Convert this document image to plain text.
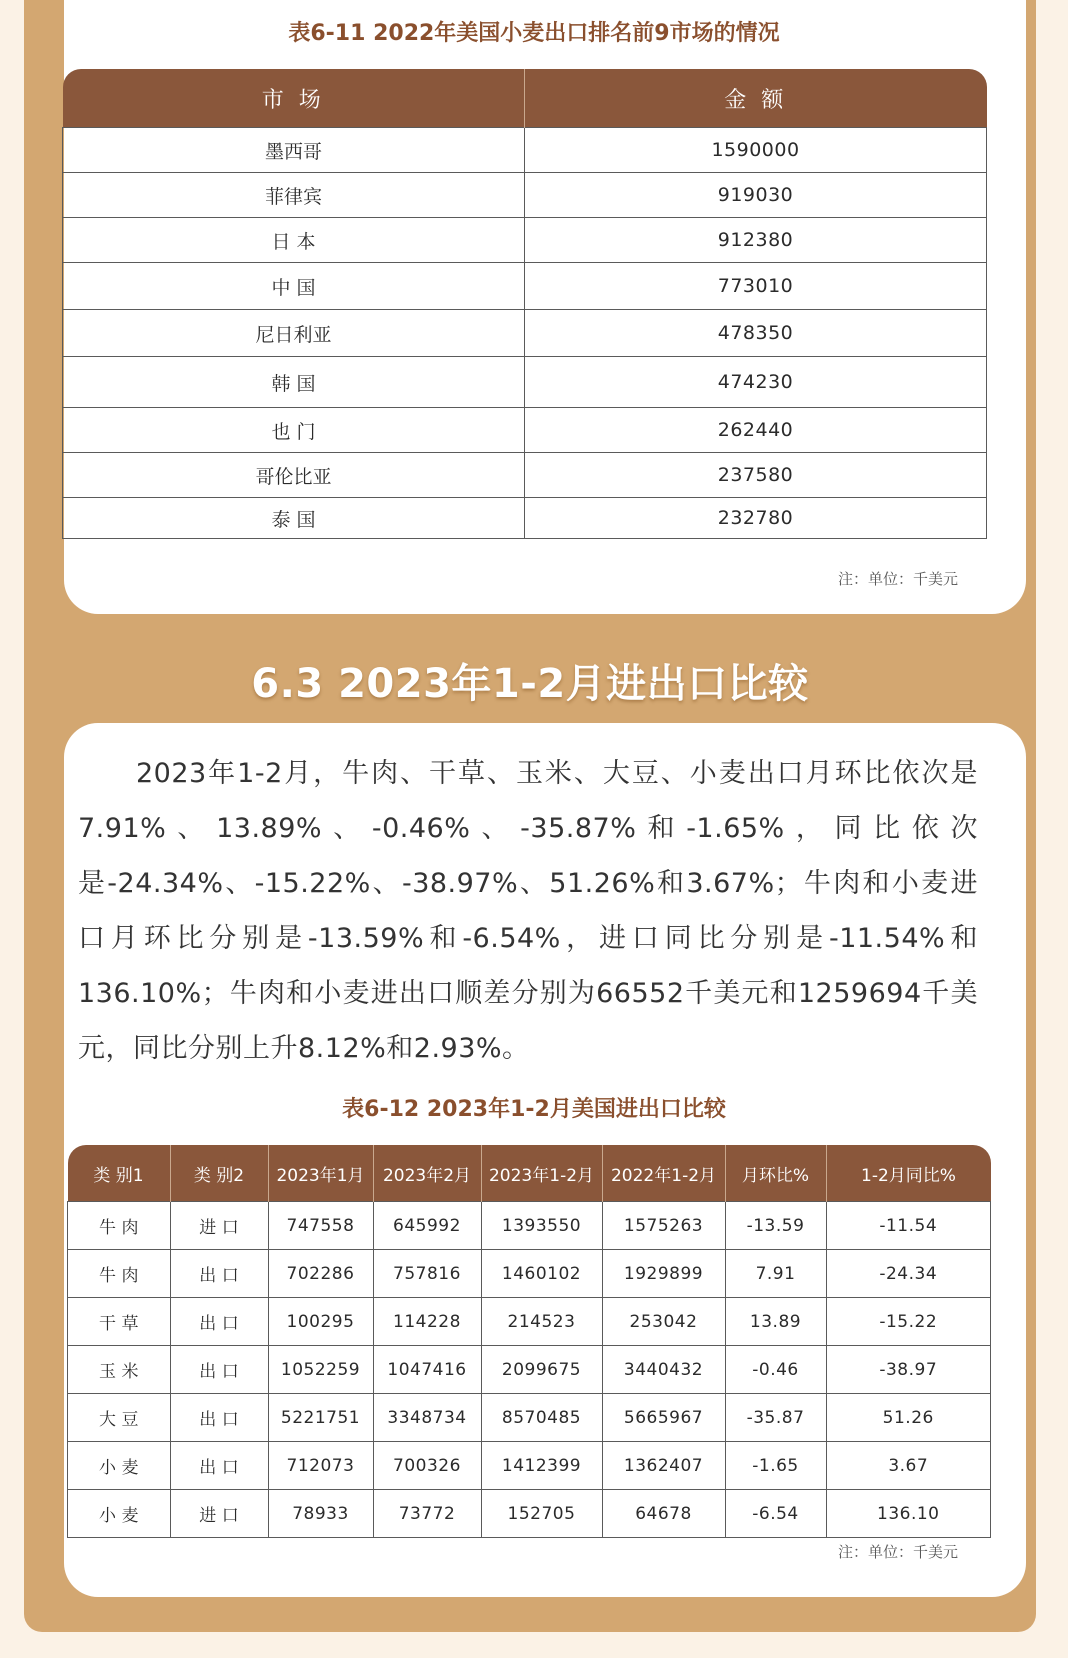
表6-11 2022年美国小麦出口排名前9市场的情况
市 场	金 额
墨西哥	1590000
菲律宾	919030
日 本	912380
中 国	773010
尼日利亚	478350
韩 国	474230
也 门	262440
哥伦比亚	237580
泰 国	232780
注：单位：千美元
6.3 2023年1-2月进出口比较
2023年1-2月，牛肉、干草、玉米、大豆、小麦出口月环比依次是7.91%、13.89%、-0.46%、-35.87%和-1.65%，同比依次是-24.34%、-15.22%、-38.97%、51.26%和3.67%；牛肉和小麦进口月环比分别是-13.59%和-6.54%，进口同比分别是-11.54%和136.10%；牛肉和小麦进出口顺差分别为66552千美元和1259694千美元，同比分别上升8.12%和2.93%。
表6-12 2023年1-2月美国进出口比较
类 别1	类 别2	2023年1月	2023年2月	2023年1-2月	2022年1-2月	月环比%	1-2月同比%
牛 肉	进 口	747558	645992	1393550	1575263	-13.59	-11.54
牛 肉	出 口	702286	757816	1460102	1929899	7.91	-24.34
干 草	出 口	100295	114228	214523	253042	13.89	-15.22
玉 米	出 口	1052259	1047416	2099675	3440432	-0.46	-38.97
大 豆	出 口	5221751	3348734	8570485	5665967	-35.87	51.26
小 麦	出 口	712073	700326	1412399	1362407	-1.65	3.67
小 麦	进 口	78933	73772	152705	64678	-6.54	136.10
注：单位：千美元
